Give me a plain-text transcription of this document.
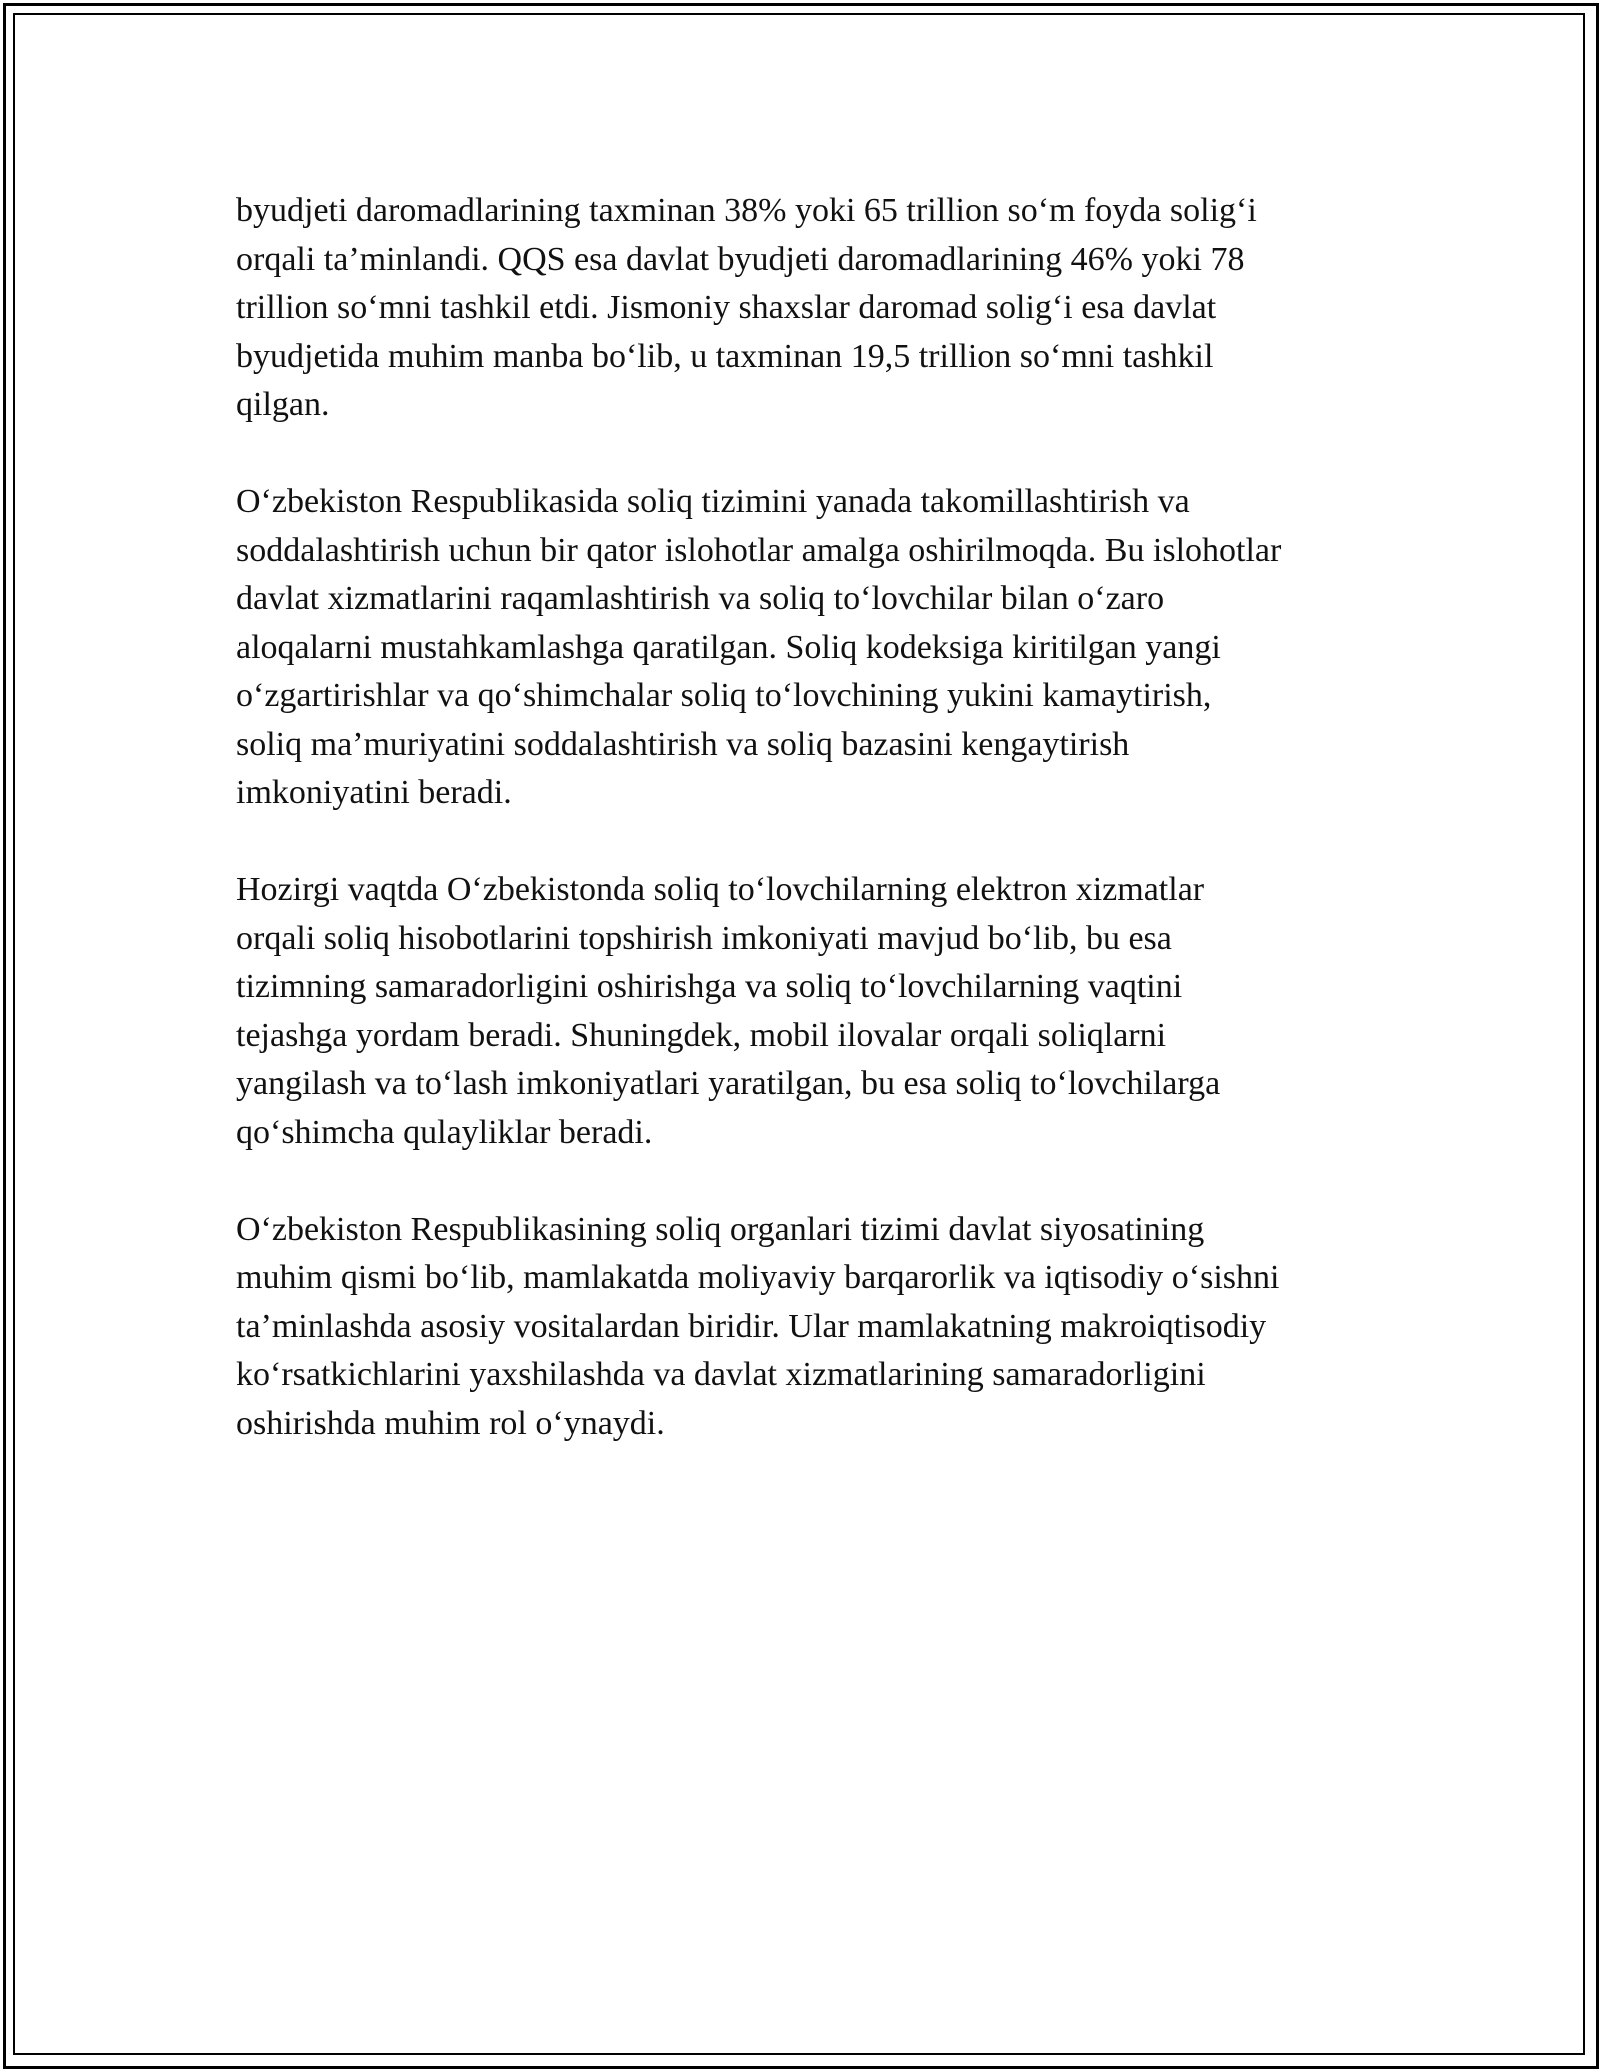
byudjeti daromadlarining taxminan 38% yoki 65 trillion so‘m foyda solig‘i
orqali ta’minlandi. QQS esa davlat byudjeti daromadlarining 46% yoki 78
trillion so‘mni tashkil etdi. Jismoniy shaxslar daromad solig‘i esa davlat
byudjetida muhim manba bo‘lib, u taxminan 19,5 trillion so‘mni tashkil
qilgan.

O‘zbekiston Respublikasida soliq tizimini yanada takomillashtirish va
soddalashtirish uchun bir qator islohotlar amalga oshirilmoqda. Bu islohotlar
davlat xizmatlarini raqamlashtirish va soliq to‘lovchilar bilan o‘zaro
aloqalarni mustahkamlashga qaratilgan. Soliq kodeksiga kiritilgan yangi
o‘zgartirishlar va qo‘shimchalar soliq to‘lovchining yukini kamaytirish,
soliq ma’muriyatini soddalashtirish va soliq bazasini kengaytirish
imkoniyatini beradi.

Hozirgi vaqtda O‘zbekistonda soliq to‘lovchilarning elektron xizmatlar
orqali soliq hisobotlarini topshirish imkoniyati mavjud bo‘lib, bu esa
tizimning samaradorligini oshirishga va soliq to‘lovchilarning vaqtini
tejashga yordam beradi. Shuningdek, mobil ilovalar orqali soliqlarni
yangilash va to‘lash imkoniyatlari yaratilgan, bu esa soliq to‘lovchilarga
qo‘shimcha qulayliklar beradi.

O‘zbekiston Respublikasining soliq organlari tizimi davlat siyosatining
muhim qismi bo‘lib, mamlakatda moliyaviy barqarorlik va iqtisodiy o‘sishni
ta’minlashda asosiy vositalardan biridir. Ular mamlakatning makroiqtisodiy
ko‘rsatkichlarini yaxshilashda va davlat xizmatlarining samaradorligini
oshirishda muhim rol o‘ynaydi.
